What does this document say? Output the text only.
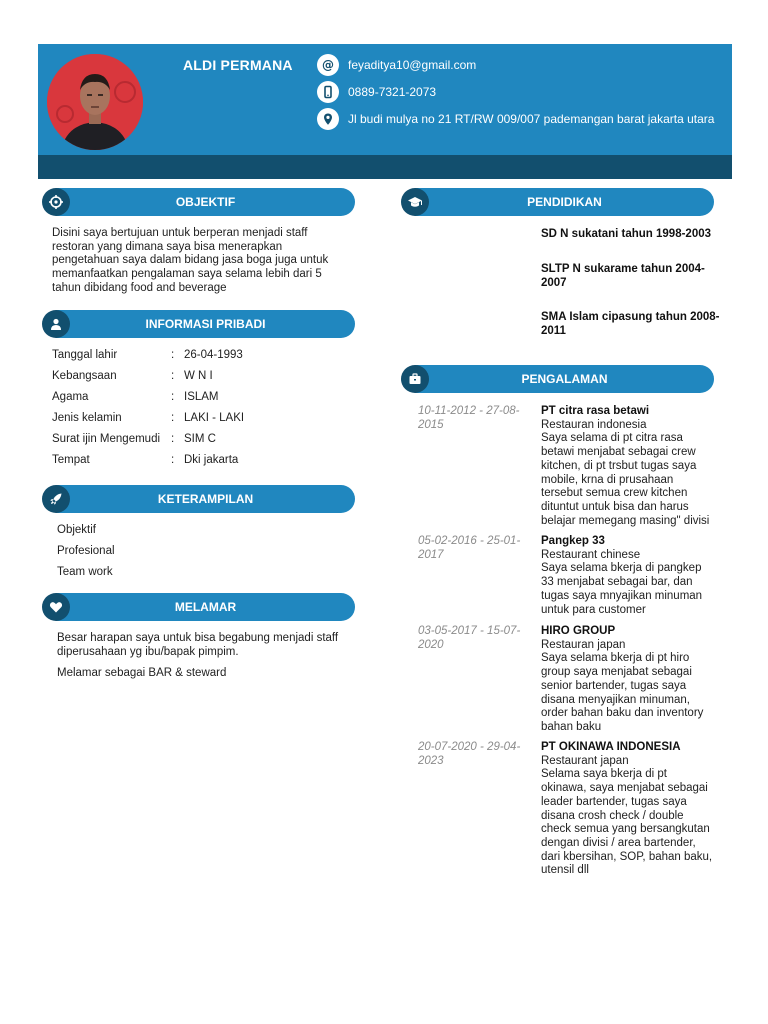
ALDI PERMANA @ feyaditya10@gmail.com
0889-7321-2073
Jl budi mulya no 21 RT/RW 009/007 pademangan barat jakarta utara
OBJEKTIF
Disini saya bertujuan untuk berperan menjadi staff
restoran yang dimana saya bisa menerapkan
pengetahuan saya dalam bidang jasa boga juga untuk
memanfaatkan pengalaman saya selama lebih dari 5
tahun dibidang food and beverage
INFORMASI PRIBADI
Tanggal lahir	: 26-04-1993
Kebangsaan	: W N I
Agama	: ISLAM
Jenis kelamin	: LAKI - LAKI
Surat ijin Mengemudi : SIM C
Tempat	: Dki jakarta
KETERAMPILAN
Objektif
Profesional
Team work
MELAMAR
Besar harapan saya untuk bisa begabung menjadi staff
diperusahaan yg ibu/bapak pimpim.
Melamar sebagai BAR & steward
PENDIDIKAN
SD N sukatani tahun 1998-2003
SLTP N sukarame tahun 2004-
2007
SMA Islam cipasung tahun 2008-
2011
PENGALAMAN
10-11-2012 - 27-08-
2015
PT citra rasa betawi
Restauran indonesia
Saya selama di pt citra rasa
betawi menjabat sebagai crew
kitchen, di pt trsbut tugas saya
mobile, krna di prusahaan
tersebut semua crew kitchen
dituntut untuk bisa dan harus
belajar memegang masing" divisi
05-02-2016 - 25-01-
2017
Pangkep 33
Restaurant chinese
Saya selama bkerja di pangkep
33 menjabat sebagai bar, dan
tugas saya mnyajikan minuman
untuk para customer
03-05-2017 - 15-07-
2020
HIRO GROUP
Restauran japan
Saya selama bkerja di pt hiro
group saya menjabat sebagai
senior bartender, tugas saya
disana menyajikan minuman,
order bahan baku dan inventory
bahan baku
20-07-2020 - 29-04-
2023
PT OKINAWA INDONESIA
Restaurant japan
Selama saya bkerja di pt
okinawa, saya menjabat sebagai
leader bartender, tugas saya
disana crosh check / double
check semua yang bersangkutan
dengan divisi / area bartender,
dari kbersihan, SOP, bahan baku,
utensil dll
